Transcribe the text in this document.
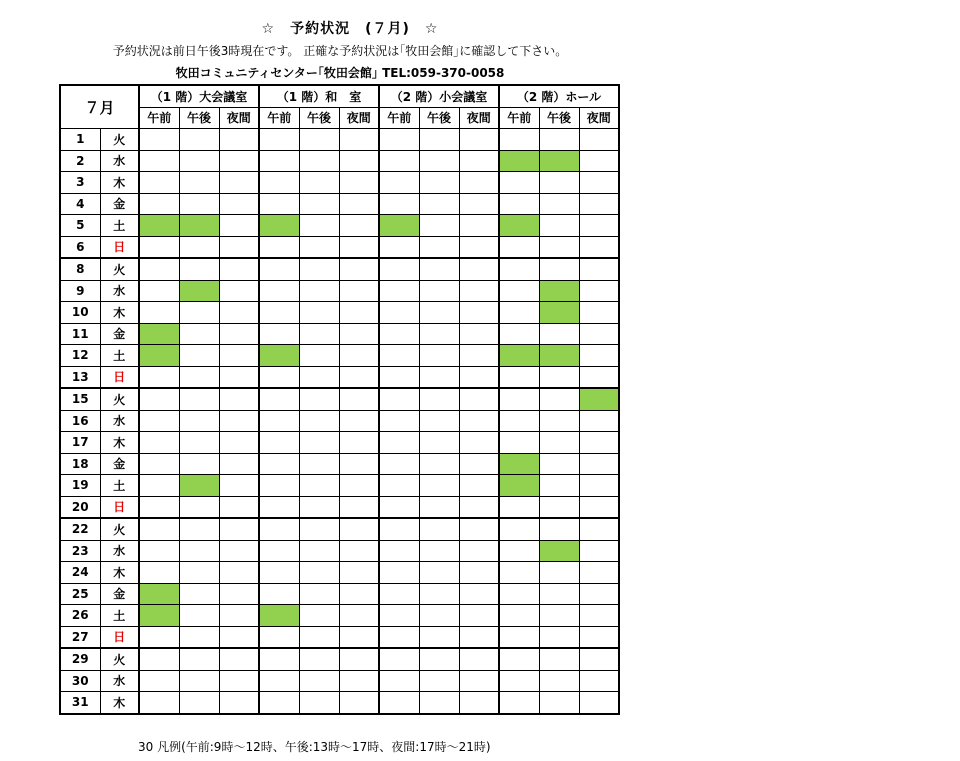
☆　予約状況　(７月)　☆
予約状況は前日午後3時現在です。 正確な予約状況は｢牧田会館｣に確認して下さい。
牧田コミュニティセンター｢牧田会館｣ TEL:059-370-0058
７月		（1 階）大会議室			（1 階）和　室			（2 階）小会議室			（2 階）ホール		
		午前	午後	夜間	午前	午後	夜間	午前	午後	夜間	午前	午後	夜間
1	火												
2	水												
3	木												
4	金												
5	土												
6	日												
8	火												
9	水												
10	木												
11	金												
12	土												
13	日												
15	火												
16	水												
17	木												
18	金												
19	土												
20	日												
22	火												
23	水												
24	木												
25	金												
26	土												
27	日												
29	火												
30	水												
31	木												
30 凡例(午前:9時～12時、午後:13時～17時、夜間:17時～21時)
